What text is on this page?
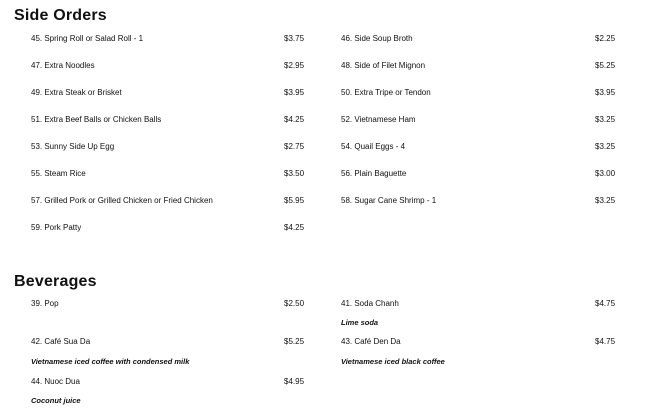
Side Orders
45. Spring Roll or Salad Roll - 1	$3.75
47. Extra Noodles	$2.95
49. Extra Steak or Brisket	$3.95
51. Extra Beef Balls or Chicken Balls	$4.25
53. Sunny Side Up Egg	$2.75
55. Steam Rice	$3.50
57. Grilled Pork or Grilled Chicken or Fried Chicken	$5.95
59. Pork Patty	$4.25
46. Side Soup Broth	$2.25
48. Side of Filet Mignon	$5.25
50. Extra Tripe or Tendon	$3.95
52. Vietnamese Ham	$3.25
54. Quail Eggs - 4	$3.25
56. Plain Baguette	$3.00
58. Sugar Cane Shrimp - 1	$3.25
Beverages
39. Pop	$2.50
42. Café Sua Da	$5.25
Vietnamese iced coffee with condensed milk
44. Nuoc Dua	$4.95
Coconut juice
41. Soda Chanh	$4.75
Lime soda
43. Café Den Da	$4.75
Vietnamese iced black coffee
